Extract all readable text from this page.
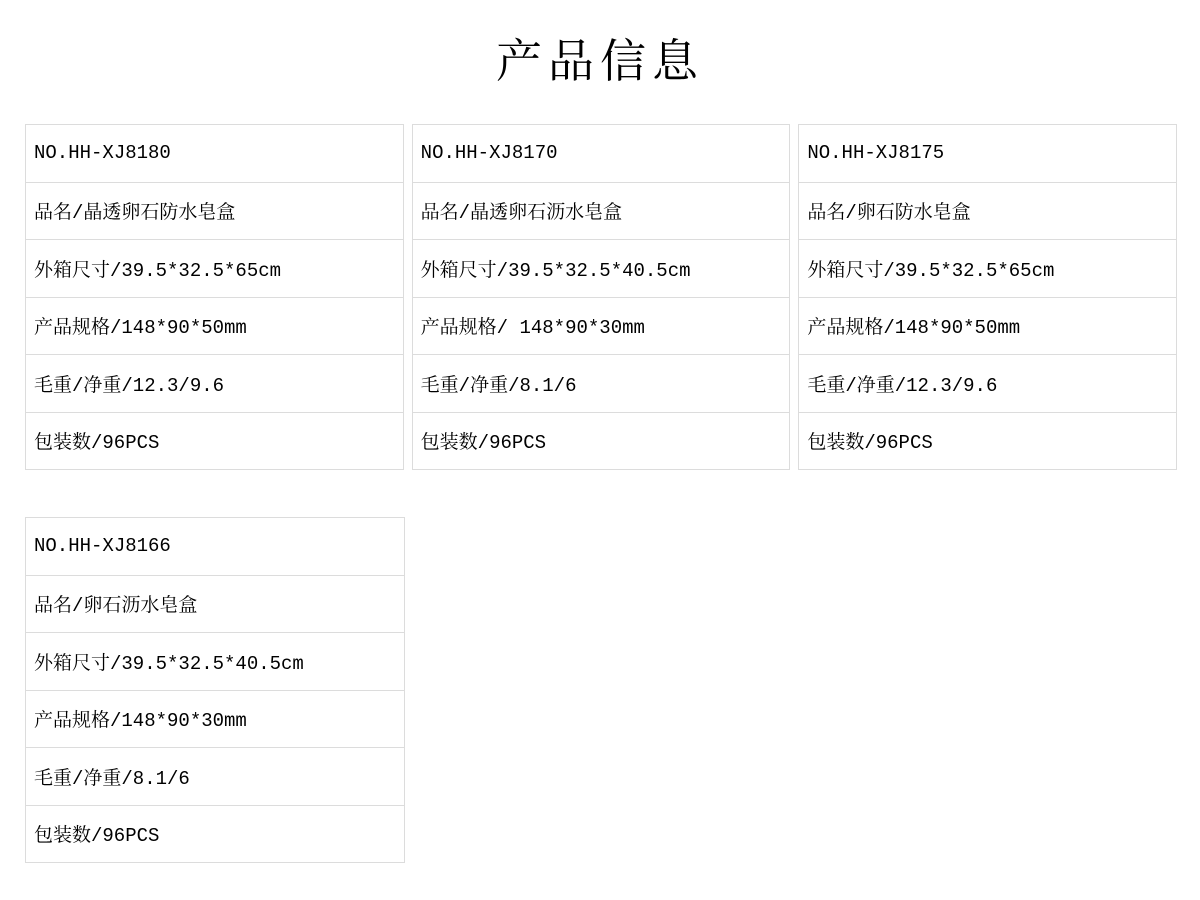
产品信息
NO.HH-XJ8180
品名/晶透卵石防水皂盒
外箱尺寸/39.5*32.5*65cm
产品规格/148*90*50mm
毛重/净重/12.3/9.6
包装数/96PCS
NO.HH-XJ8170
品名/晶透卵石沥水皂盒
外箱尺寸/39.5*32.5*40.5cm
产品规格/ 148*90*30mm
毛重/净重/8.1/6
包装数/96PCS
NO.HH-XJ8175
品名/卵石防水皂盒
外箱尺寸/39.5*32.5*65cm
产品规格/148*90*50mm
毛重/净重/12.3/9.6
包装数/96PCS
NO.HH-XJ8166
品名/卵石沥水皂盒
外箱尺寸/39.5*32.5*40.5cm
产品规格/148*90*30mm
毛重/净重/8.1/6
包装数/96PCS
